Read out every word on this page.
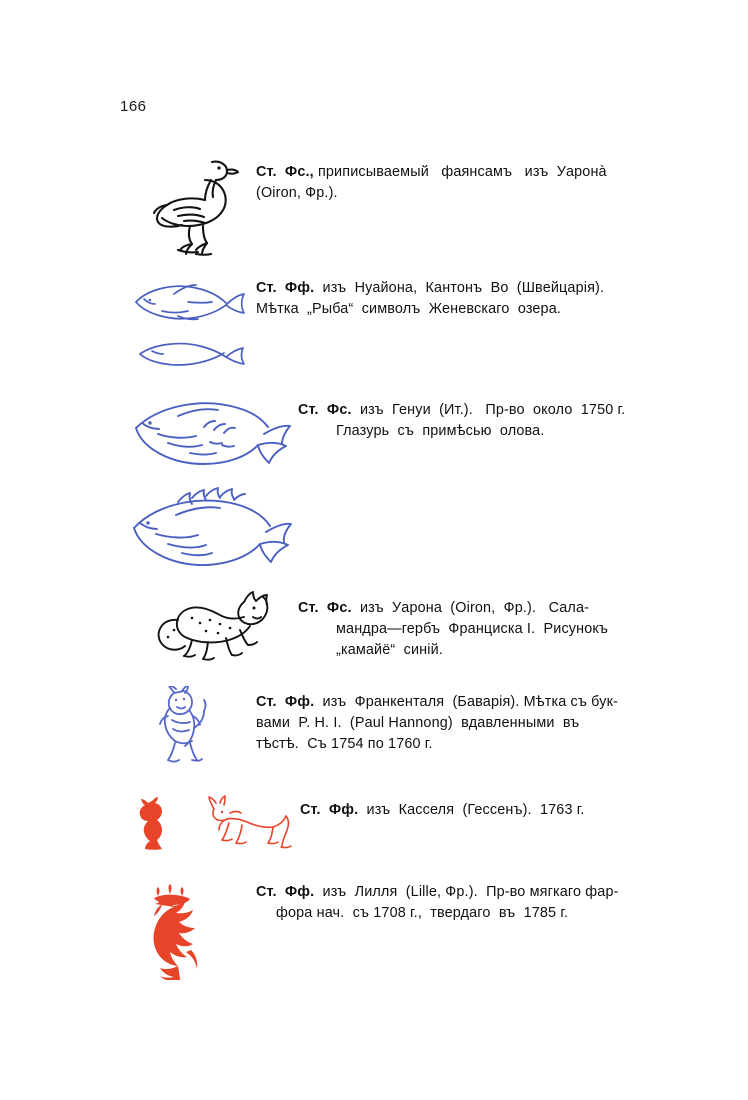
166
Ст.  Фс., приписываемый   фаянсамъ   изъ  Уаронà
(Oiron, Фр.).
Ст.  Фф.  изъ  Нуайона,  Кантонъ  Во  (Швейцарія).
Мѣтка  „Рыба“  символъ  Женевскаго  озера.
Ст.  Фс.  изъ  Генуи  (Ит.).   Пр-во  около  1750 г.
Глазурь  съ  примѣсью  олова.
Ст.  Фс.  изъ  Уарона  (Oiron,  Фр.).   Сала-
мандра—гербъ  Франциска I.  Рисунокъ
„камайё“  синій.
Ст.  Фф.  изъ  Франкенталя  (Баварія). Мѣтка съ бук-
вами  P. H. I.  (Paul Hannong)  вдавленными  въ
тѣстѣ.  Съ 1754 по 1760 г.
Ст.  Фф.  изъ  Касселя  (Гессенъ).  1763 г.
Ст.  Фф.  изъ  Лилля  (Lille, Фр.).  Пр-во мягкаго фар-
фора нач.  съ 1708 г.,  твердаго  въ  1785 г.
